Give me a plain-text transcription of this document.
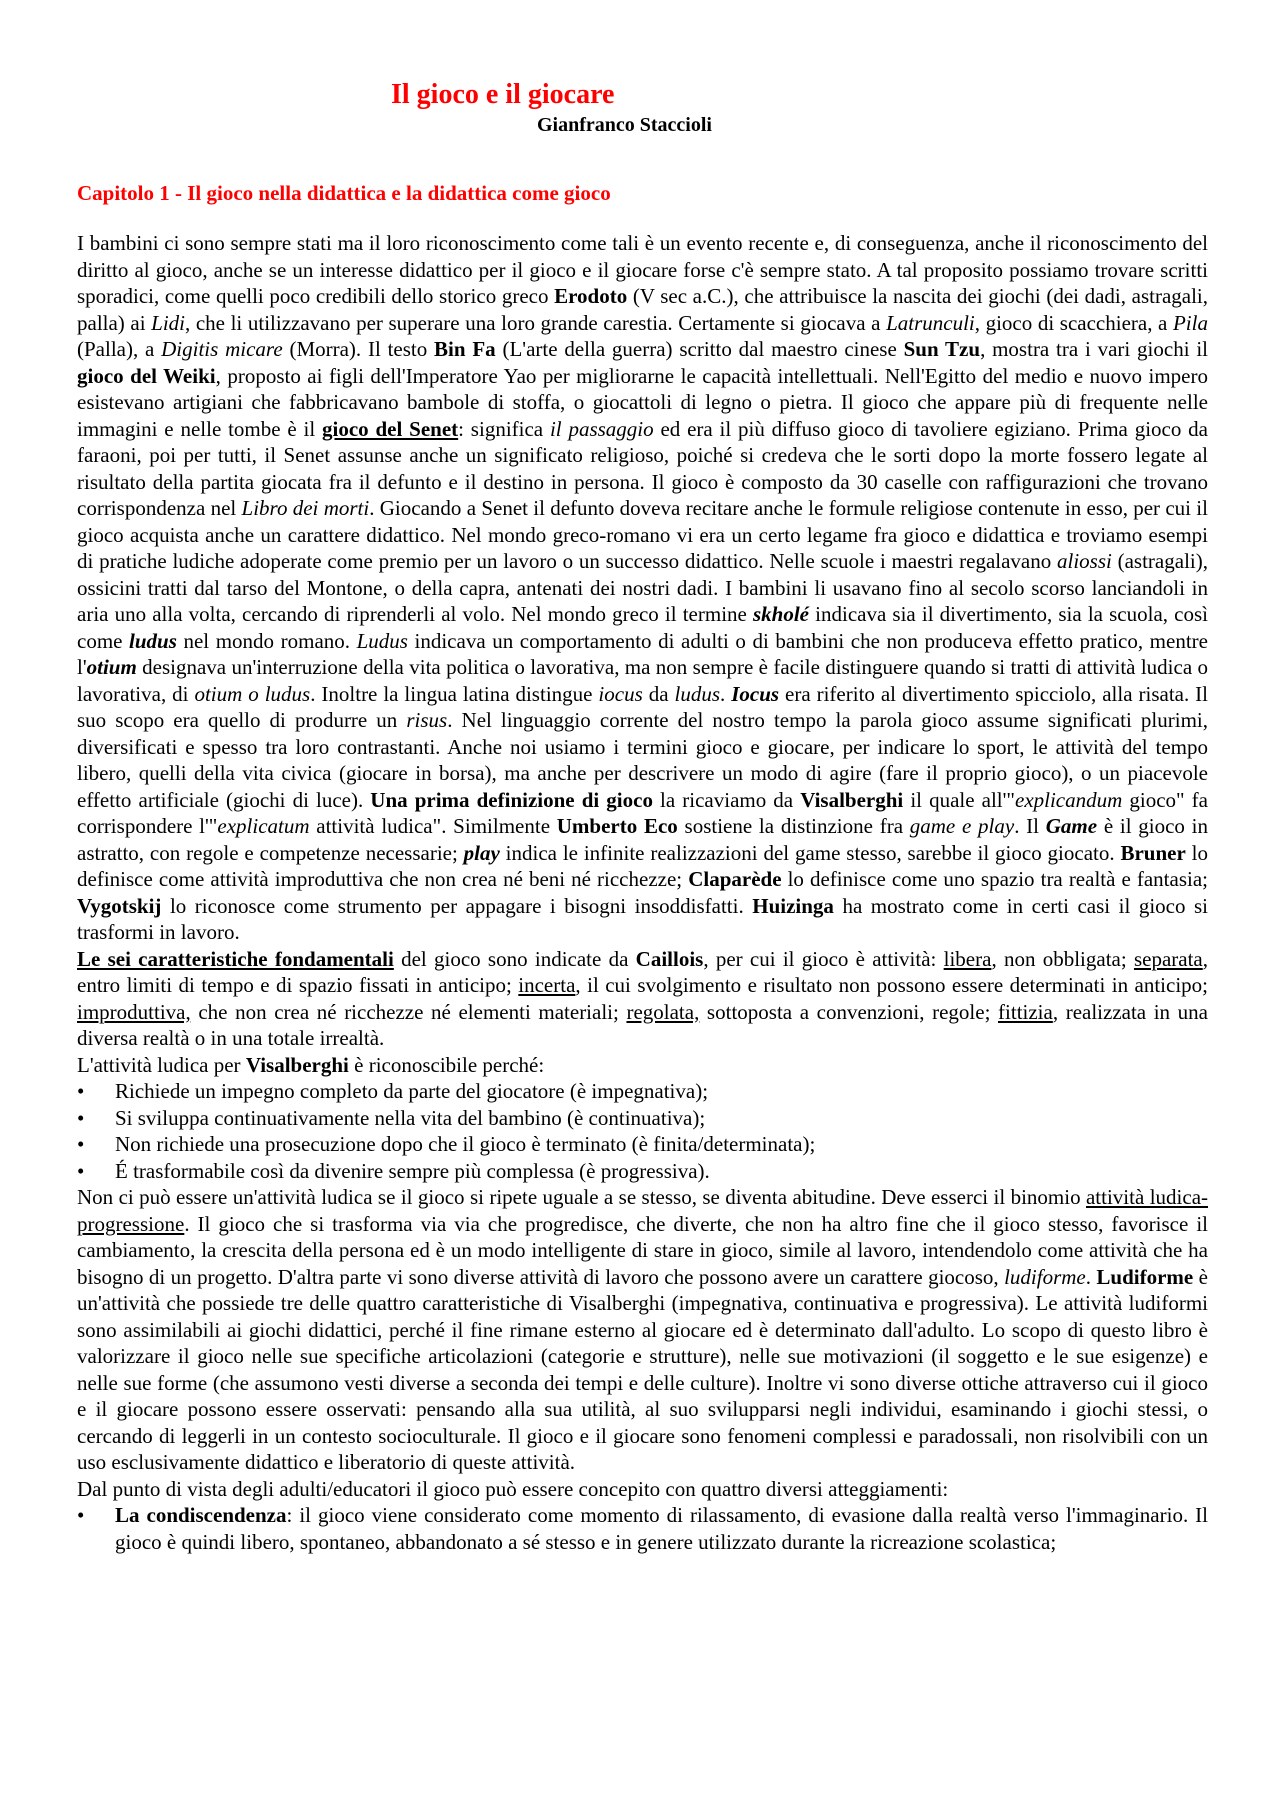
Il gioco e il giocare
Gianfranco Staccioli
Capitolo 1 - Il gioco nella didattica e la didattica come gioco

I bambini ci sono sempre stati ma il loro riconoscimento come tali è un evento recente e, di conseguenza, anche il riconoscimento del diritto al gioco, anche se un interesse didattico per il gioco e il giocare forse c'è sempre stato. A tal proposito possiamo trovare scritti sporadici, come quelli poco credibili dello storico greco Erodoto (V sec a.C.), che attribuisce la nascita dei giochi (dei dadi, astragali, palla) ai Lidi, che li utilizzavano per superare una loro grande carestia. Certamente si giocava a Latrunculi, gioco di scacchiera, a Pila (Palla), a Digitis micare (Morra). Il testo Bin Fa (L'arte della guerra) scritto dal maestro cinese Sun Tzu, mostra tra i vari giochi il gioco del Weiki, proposto ai figli dell'Imperatore Yao per migliorarne le capacità intellettuali. Nell'Egitto del medio e nuovo impero esistevano artigiani che fabbricavano bambole di stoffa, o giocattoli di legno o pietra. Il gioco che appare più di frequente nelle immagini e nelle tombe è il gioco del Senet: significa il passaggio ed era il più diffuso gioco di tavoliere egiziano. Prima gioco da faraoni, poi per tutti, il Senet assunse anche un significato religioso, poiché si credeva che le sorti dopo la morte fossero legate al risultato della partita giocata fra il defunto e il destino in persona. Il gioco è composto da 30 caselle con raffigurazioni che trovano corrispondenza nel Libro dei morti. Giocando a Senet il defunto doveva recitare anche le formule religiose contenute in esso, per cui il gioco acquista anche un carattere didattico. Nel mondo greco-romano vi era un certo legame fra gioco e didattica e troviamo esempi di pratiche ludiche adoperate come premio per un lavoro o un successo didattico. Nelle scuole i maestri regalavano aliossi (astragali), ossicini tratti dal tarso del Montone, o della capra, antenati dei nostri dadi. I bambini li usavano fino al secolo scorso lanciandoli in aria uno alla volta, cercando di riprenderli al volo. Nel mondo greco il termine skholé indicava sia il divertimento, sia la scuola, così come ludus nel mondo romano. Ludus indicava un comportamento di adulti o di bambini che non produceva effetto pratico, mentre l'otium designava un'interruzione della vita politica o lavorativa, ma non sempre è facile distinguere quando si tratti di attività ludica o lavorativa, di otium o ludus. Inoltre la lingua latina distingue iocus da ludus. Iocus era riferito al divertimento spicciolo, alla risata. Il suo scopo era quello di produrre un risus. Nel linguaggio corrente del nostro tempo la parola gioco assume significati plurimi, diversificati e spesso tra loro contrastanti. Anche noi usiamo i termini gioco e giocare, per indicare lo sport, le attività del tempo libero, quelli della vita civica (giocare in borsa), ma anche per descrivere un modo di agire (fare il proprio gioco), o un piacevole effetto artificiale (giochi di luce). Una prima definizione di gioco la ricaviamo da Visalberghi il quale all'"explicandum gioco" fa corrispondere l'"explicatum attività ludica". Similmente Umberto Eco sostiene la distinzione fra game e play. Il Game è il gioco in astratto, con regole e competenze necessarie; play indica le infinite realizzazioni del game stesso, sarebbe il gioco giocato. Bruner lo definisce come attività improduttiva che non crea né beni né ricchezze; Claparède lo definisce come uno spazio tra realtà e fantasia; Vygotskij lo riconosce come strumento per appagare i bisogni insoddisfatti. Huizinga ha mostrato come in certi casi il gioco si trasformi in lavoro.

Le sei caratteristiche fondamentali del gioco sono indicate da Caillois, per cui il gioco è attività: libera, non obbligata; separata, entro limiti di tempo e di spazio fissati in anticipo; incerta, il cui svolgimento e risultato non possono essere determinati in anticipo; improduttiva, che non crea né ricchezze né elementi materiali; regolata, sottoposta a convenzioni, regole; fittizia, realizzata in una diversa realtà o in una totale irrealtà.

L'attività ludica per Visalberghi è riconoscibile perché:

• Richiede un impegno completo da parte del giocatore (è impegnativa);
• Si sviluppa continuativamente nella vita del bambino (è continuativa);
• Non richiede una prosecuzione dopo che il gioco è terminato (è finita/determinata);
• É trasformabile così da divenire sempre più complessa (è progressiva).

Non ci può essere un'attività ludica se il gioco si ripete uguale a se stesso, se diventa abitudine. Deve esserci il binomio attività ludica-progressione. Il gioco che si trasforma via via che progredisce, che diverte, che non ha altro fine che il gioco stesso, favorisce il cambiamento, la crescita della persona ed è un modo intelligente di stare in gioco, simile al lavoro, intendendolo come attività che ha bisogno di un progetto. D'altra parte vi sono diverse attività di lavoro che possono avere un carattere giocoso, ludiforme. Ludiforme è un'attività che possiede tre delle quattro caratteristiche di Visalberghi (impegnativa, continuativa e progressiva). Le attività ludiformi sono assimilabili ai giochi didattici, perché il fine rimane esterno al giocare ed è determinato dall'adulto. Lo scopo di questo libro è valorizzare il gioco nelle sue specifiche articolazioni (categorie e strutture), nelle sue motivazioni (il soggetto e le sue esigenze) e nelle sue forme (che assumono vesti diverse a seconda dei tempi e delle culture). Inoltre vi sono diverse ottiche attraverso cui il gioco e il giocare possono essere osservati: pensando alla sua utilità, al suo svilupparsi negli individui, esaminando i giochi stessi, o cercando di leggerli in un contesto socioculturale. Il gioco e il giocare sono fenomeni complessi e paradossali, non risolvibili con un uso esclusivamente didattico e liberatorio di queste attività.

Dal punto di vista degli adulti/educatori il gioco può essere concepito con quattro diversi atteggiamenti:

• La condiscendenza: il gioco viene considerato come momento di rilassamento, di evasione dalla realtà verso l'immaginario. Il gioco è quindi libero, spontaneo, abbandonato a sé stesso e in genere utilizzato durante la ricreazione scolastica;
